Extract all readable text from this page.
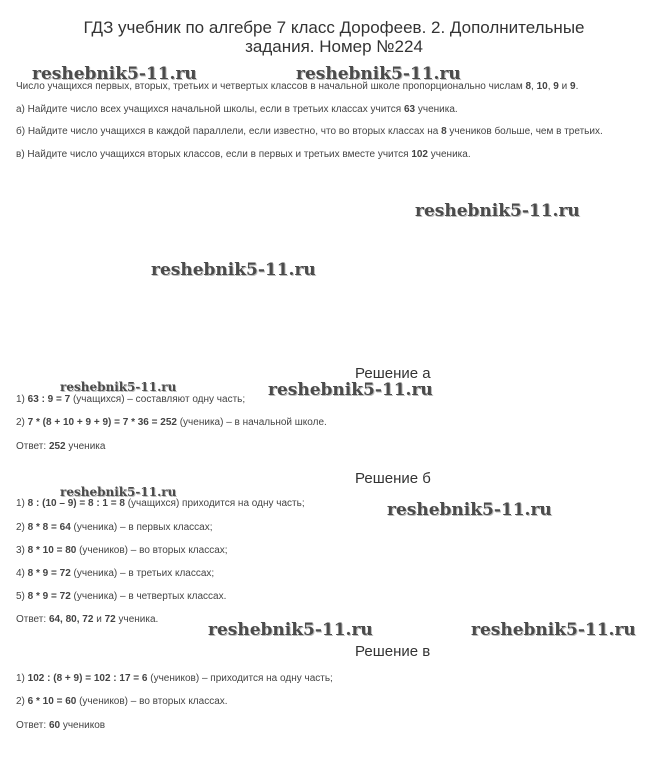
ГДЗ учебник по алгебре 7 класс Дорофеев. 2. Дополнительные
задания. Номер №224
reshebnik5-11.ru	reshebnik5-11.ru
reshebnik5-11.ru
reshebnik5-11.ru
reshebnik5-11.ru	reshebnik5-11.ru
reshebnik5-11.ru
reshebnik5-11.ru
reshebnik5-11.ru	reshebnik5-11.ru
Число учащихся первых, вторых, третьих и четвертых классов в начальной школе пропорционально числам 8, 10, 9 и 9.
а) Найдите число всех учащихся начальной школы, если в третьих классах учится 63 ученика.
б) Найдите число учащихся в каждой параллели, если известно, что во вторых классах на 8 учеников больше, чем в третьих.
в) Найдите число учащихся вторых классов, если в первых и третьих вместе учится 102 ученика.
Решение а
1) 63 : 9 = 7 (учащихся) – составляют одну часть;
2) 7 * (8 + 10 + 9 + 9) = 7 * 36 = 252 (ученика) – в начальной школе.
Ответ: 252 ученика
Решение б
1) 8 : (10 – 9) = 8 : 1 = 8 (учащихся) приходится на одну часть;
2) 8 * 8 = 64 (ученика) – в первых классах;
3) 8 * 10 = 80 (учеников) – во вторых классах;
4) 8 * 9 = 72 (ученика) – в третьих классах;
5) 8 * 9 = 72 (ученика) – в четвертых классах.
Ответ: 64, 80, 72 и 72 ученика.
Решение в
1) 102 : (8 + 9) = 102 : 17 = 6 (учеников) – приходится на одну часть;
2) 6 * 10 = 60 (учеников) – во вторых классах.
Ответ: 60 учеников
